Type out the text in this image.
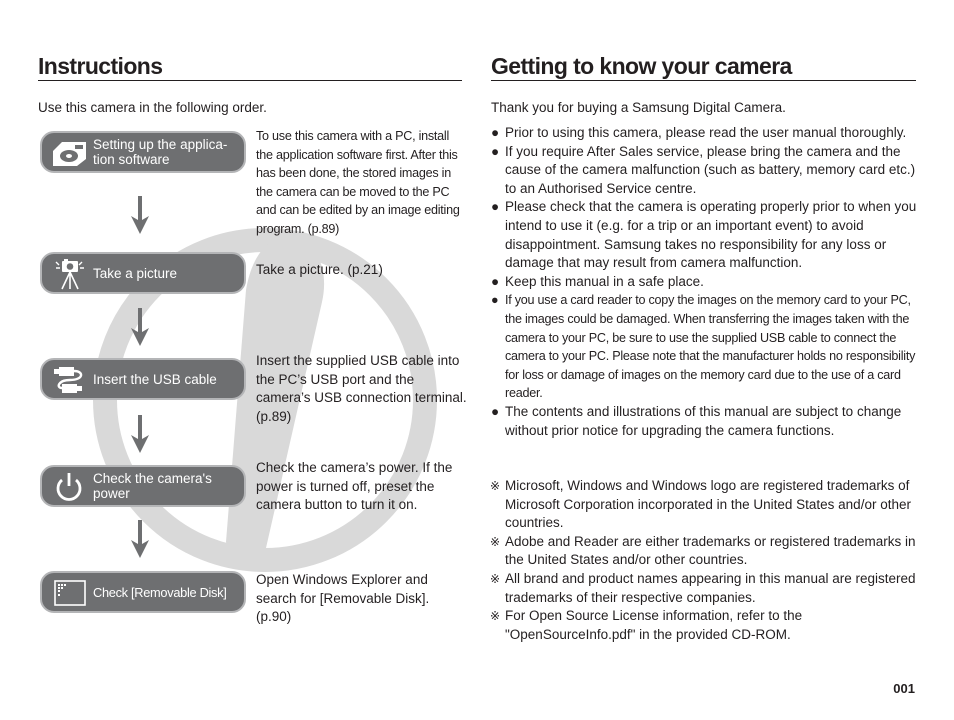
Instructions
Use this camera in the following order.
Setting up the applica-
tion software
To use this camera with a PC, install the application software first. After this has been done, the stored images in the camera can be moved to the PC and can be edited by an image editing program. (p.89)
Take a picture	Take a picture. (p.21)
Insert the USB cable
Insert the supplied USB cable into the PC’s USB port and the camera’s USB connection terminal. (p.89)
Check the camera's
power
Check the camera’s power. If the power is turned off, preset the camera button to turn it on.
Check [Removable Disk]
Open Windows Explorer and search for [Removable Disk]. (p.90)
Getting to know your camera
Thank you for buying a Samsung Digital Camera.
● Prior to using this camera, please read the user manual thoroughly.
● If you require After Sales service, please bring the camera and the cause of the camera malfunction (such as battery, memory card etc.) to an Authorised Service centre.
● Please check that the camera is operating properly prior to when you intend to use it (e.g. for a trip or an important event) to avoid disappointment. Samsung takes no responsibility for any loss or damage that may result from camera malfunction.
● Keep this manual in a safe place.
● If you use a card reader to copy the images on the memory card to your PC, the images could be damaged. When transferring the images taken with the camera to your PC, be sure to use the supplied USB cable to connect the camera to your PC. Please note that the manufacturer holds no responsibility for loss or damage of images on the memory card due to the use of a card reader.
● The contents and illustrations of this manual are subject to change without prior notice for upgrading the camera functions.
※ Microsoft, Windows and Windows logo are registered trademarks of Microsoft Corporation incorporated in the United States and/or other countries.
※ Adobe and Reader are either trademarks or registered trademarks in the United States and/or other countries.
※ All brand and product names appearing in this manual are registered trademarks of their respective companies.
※ For Open Source License information, refer to the "OpenSourceInfo.pdf" in the provided CD-ROM.
001
